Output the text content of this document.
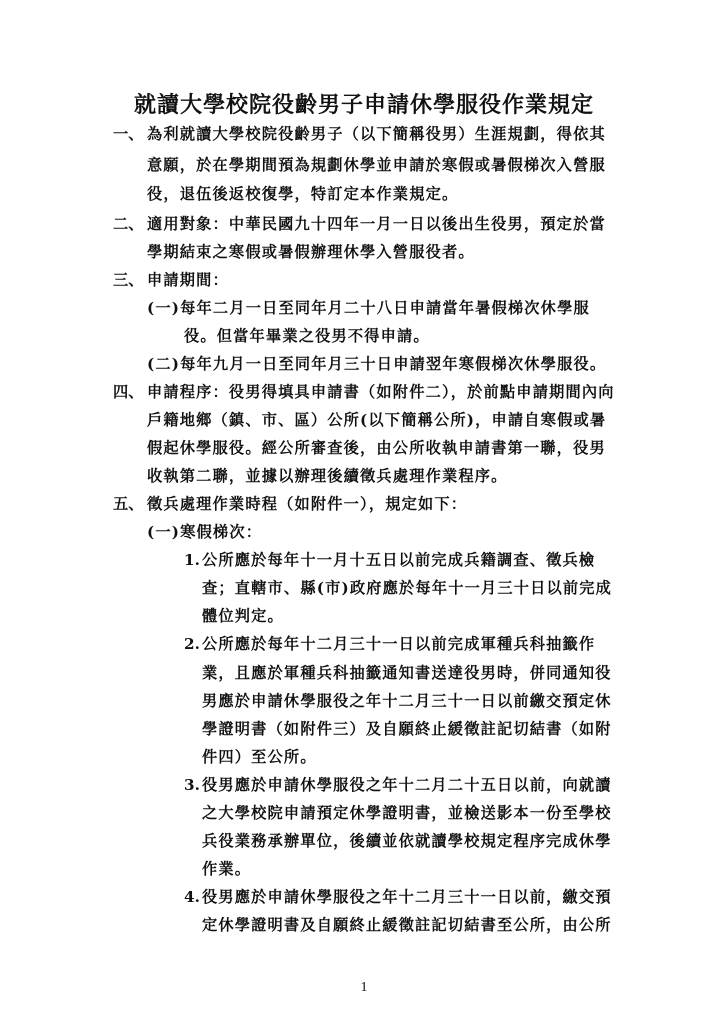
就讀大學校院役齡男子申請休學服役作業規定
一、 為利就讀大學校院役齡男子（以下簡稱役男）生涯規劃，得依其
意願，於在學期間預為規劃休學並申請於寒假或暑假梯次入營服
役，退伍後返校復學，特訂定本作業規定。
二、 適用對象：中華民國九十四年一月一日以後出生役男，預定於當
學期結束之寒假或暑假辦理休學入營服役者。
三、 申請期間：
(一)每年二月一日至同年月二十八日申請當年暑假梯次休學服
役。但當年畢業之役男不得申請。
(二)每年九月一日至同年月三十日申請翌年寒假梯次休學服役。
四、 申請程序：役男得填具申請書（如附件二），於前點申請期間內向
戶籍地鄉（鎮、市、區）公所(以下簡稱公所)，申請自寒假或暑
假起休學服役。經公所審查後，由公所收執申請書第一聯，役男
收執第二聯，並據以辦理後續徵兵處理作業程序。
五、 徵兵處理作業時程（如附件一），規定如下：
(一)寒假梯次：
1. 公所應於每年十一月十五日以前完成兵籍調查、徵兵檢
查；直轄市、縣(市)政府應於每年十一月三十日以前完成
體位判定。
2. 公所應於每年十二月三十一日以前完成軍種兵科抽籤作
業，且應於軍種兵科抽籤通知書送達役男時，併同通知役
男應於申請休學服役之年十二月三十一日以前繳交預定休
學證明書（如附件三）及自願終止緩徵註記切結書（如附
件四）至公所。
3. 役男應於申請休學服役之年十二月二十五日以前，向就讀
之大學校院申請預定休學證明書，並檢送影本一份至學校
兵役業務承辦單位，後續並依就讀學校規定程序完成休學
作業。
4. 役男應於申請休學服役之年十二月三十一日以前，繳交預
定休學證明書及自願終止緩徵註記切結書至公所，由公所
1
